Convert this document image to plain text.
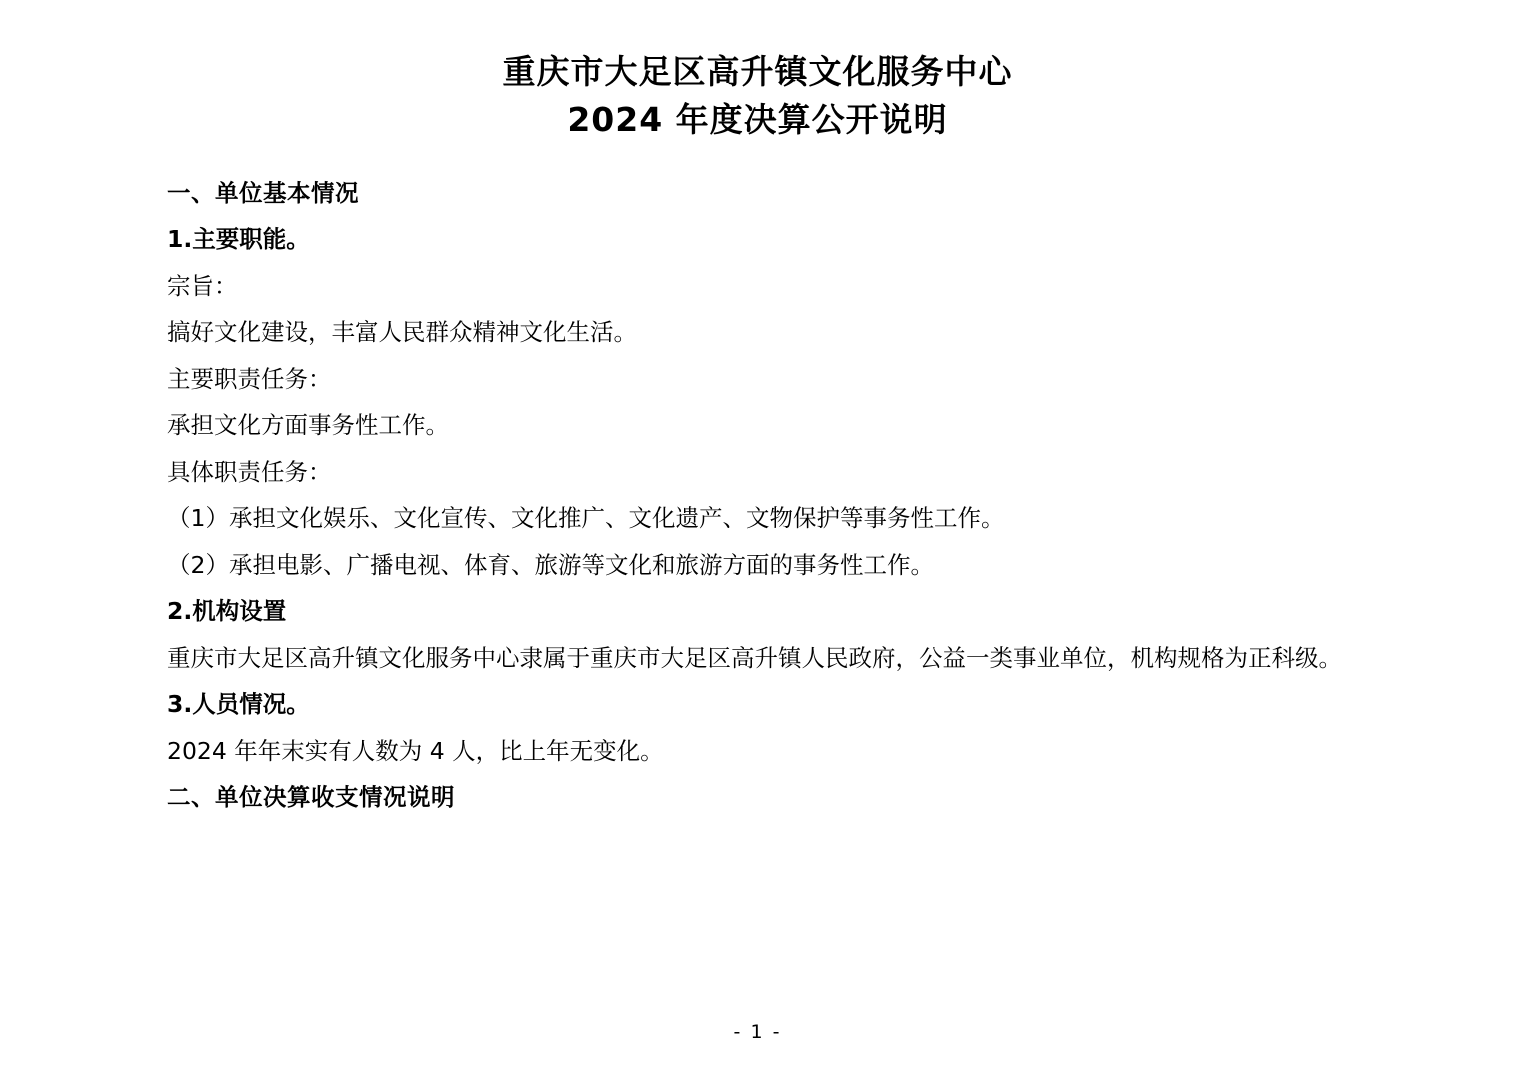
重庆市大足区高升镇文化服务中心
2024 年度决算公开说明

一、单位基本情况

1.主要职能。

宗旨：

搞好文化建设，丰富人民群众精神文化生活。

主要职责任务：

承担文化方面事务性工作。

具体职责任务：

（1）承担文化娱乐、文化宣传、文化推广、文化遗产、文物保护等事务性工作。

（2）承担电影、广播电视、体育、旅游等文化和旅游方面的事务性工作。

2.机构设置

重庆市大足区高升镇文化服务中心隶属于重庆市大足区高升镇人民政府，公益一类事业单位，机构规格为正科级。

3.人员情况。

2024 年年末实有人数为 4 人，比上年无变化。

二、单位决算收支情况说明

- 1 -
